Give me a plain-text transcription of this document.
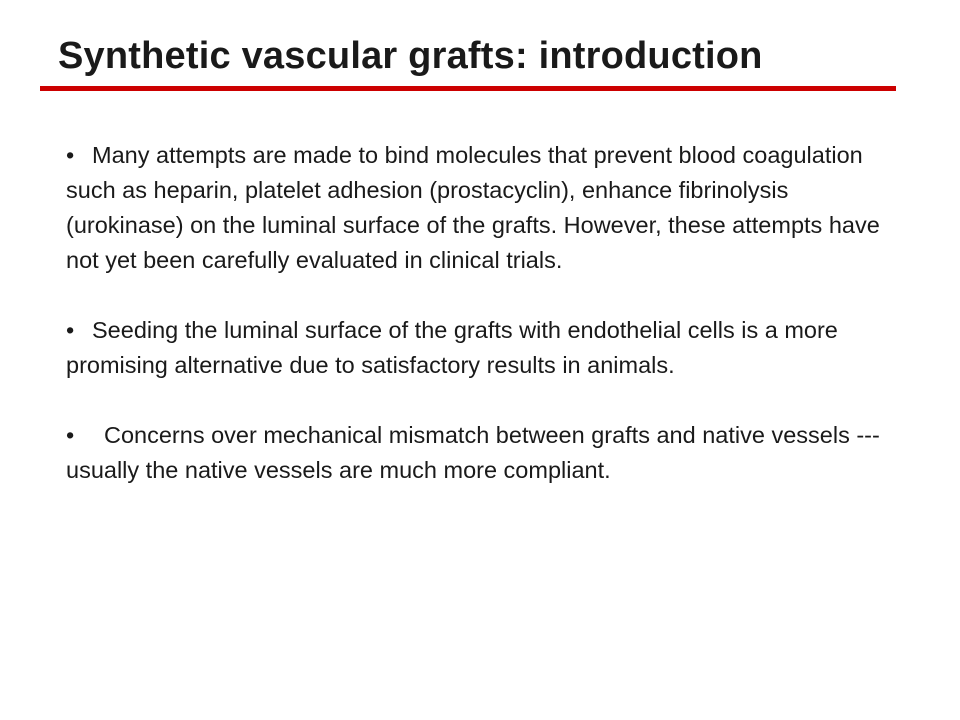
Synthetic vascular grafts: introduction

• Many attempts are made to bind molecules that prevent blood coagulation such as heparin, platelet adhesion (prostacyclin), enhance fibrinolysis (urokinase) on the luminal surface of the grafts. However, these attempts have not yet been carefully evaluated in clinical trials.

• Seeding the luminal surface of the grafts with endothelial cells is a more promising alternative due to satisfactory results in animals.

• Concerns over mechanical mismatch between grafts and native vessels --- usually the native vessels are much more compliant.
